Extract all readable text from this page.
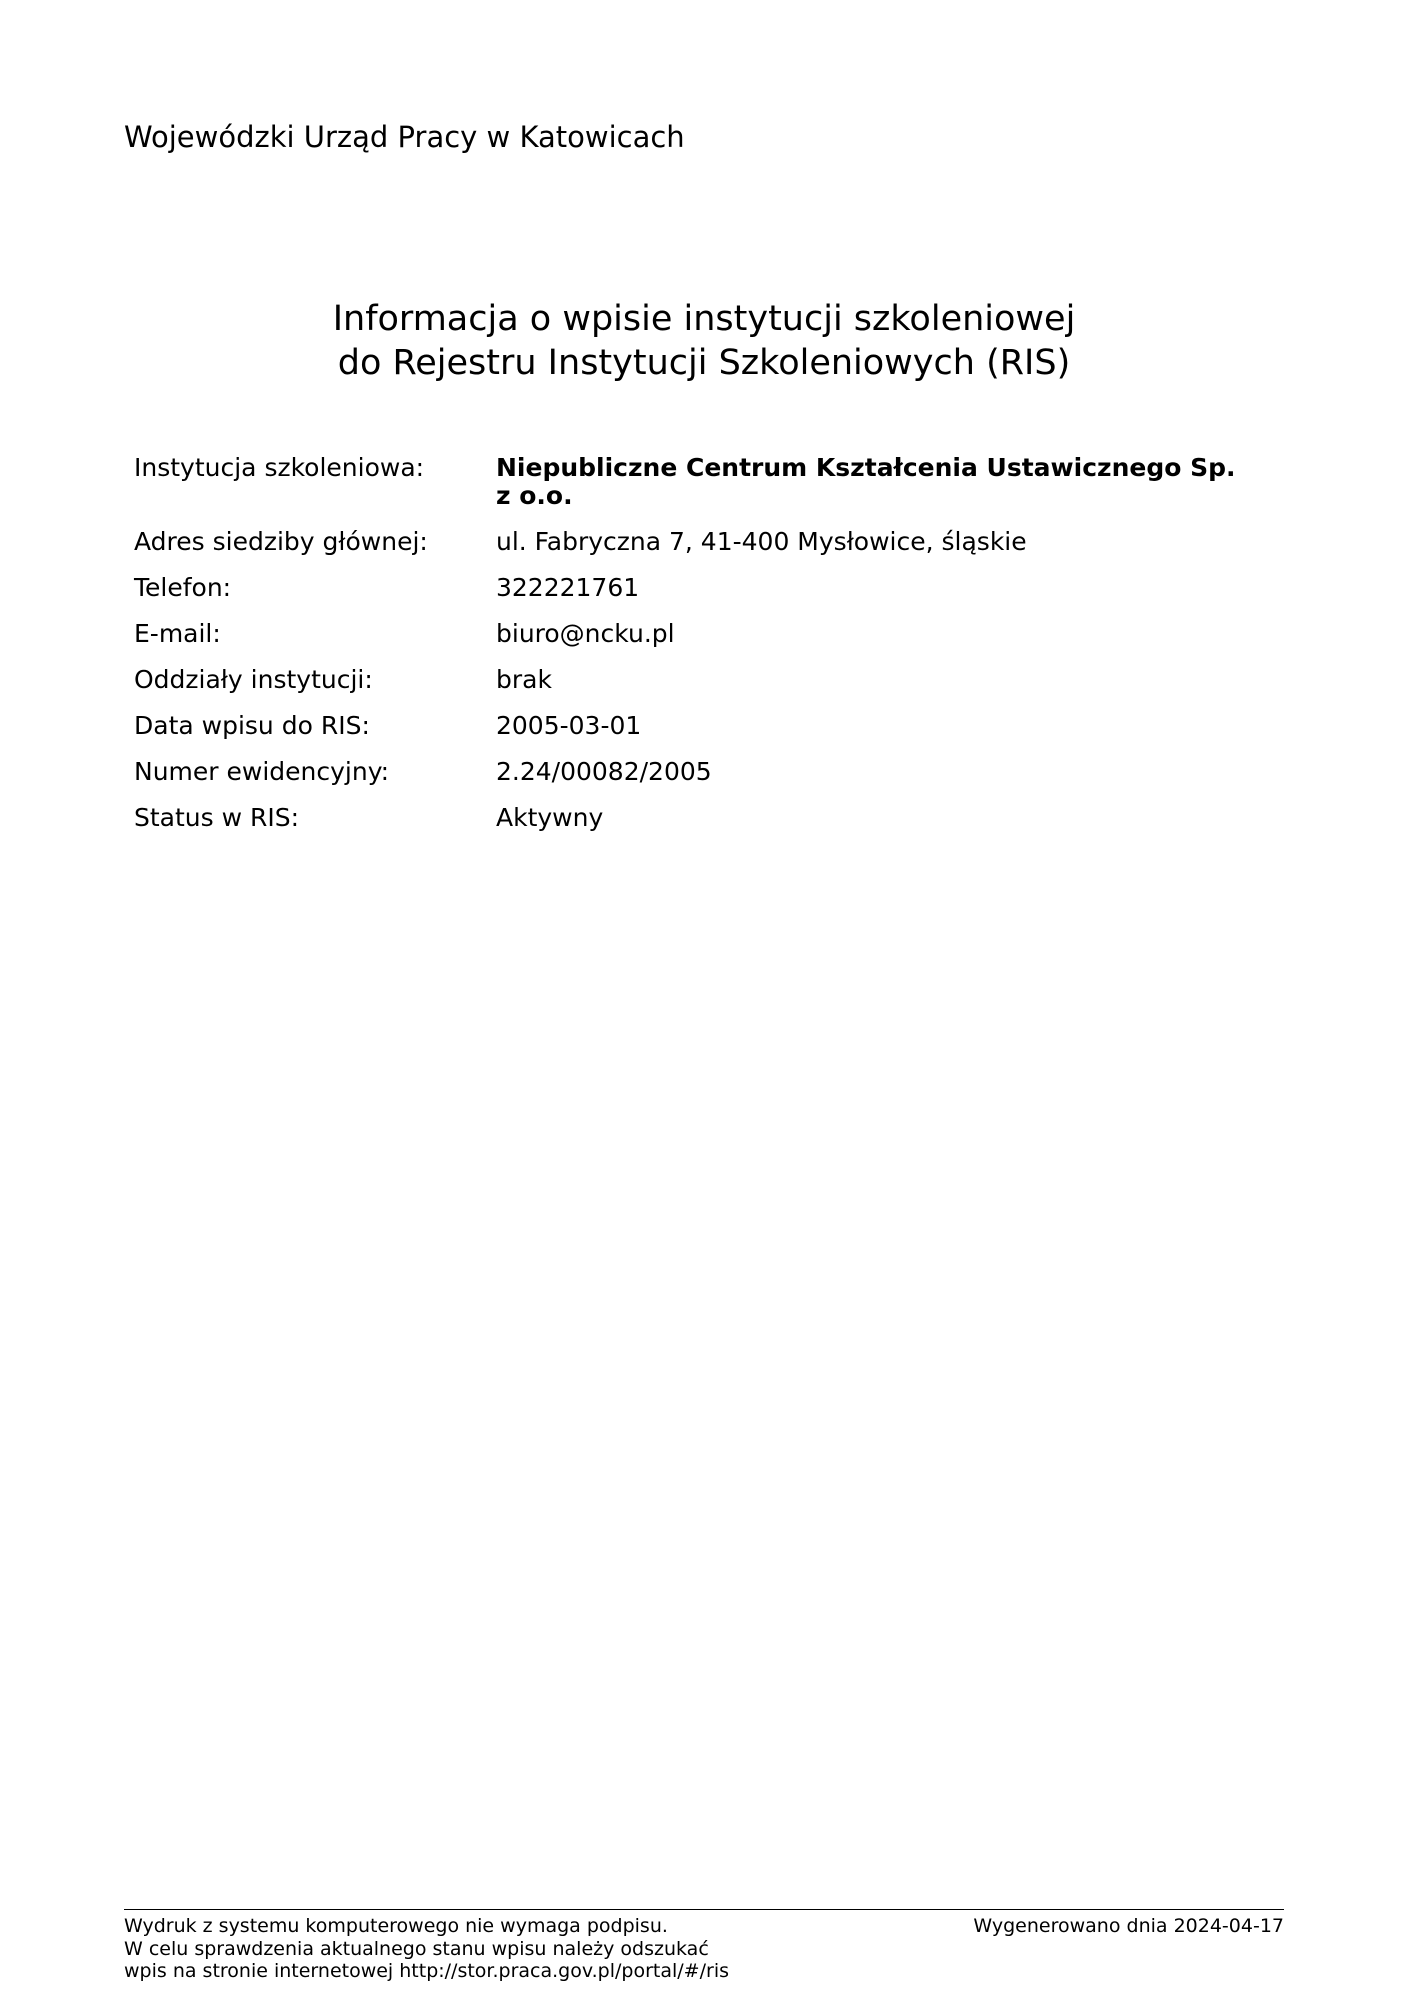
Wojewódzki Urząd Pracy w Katowicach
Informacja o wpisie instytucji szkoleniowej
do Rejestru Instytucji Szkoleniowych (RIS)
Instytucja szkoleniowa:	Niepubliczne Centrum Kształcenia Ustawicznego Sp. z o.o.
Adres siedziby głównej:	ul. Fabryczna 7, 41-400 Mysłowice, śląskie
Telefon:	322221761
E-mail:	biuro@ncku.pl
Oddziały instytucji:	brak
Data wpisu do RIS:	2005-03-01
Numer ewidencyjny:	2.24/00082/2005
Status w RIS:	Aktywny
Wydruk z systemu komputerowego nie wymaga podpisu.
W celu sprawdzenia aktualnego stanu wpisu należy odszukać
wpis na stronie internetowej http://stor.praca.gov.pl/portal/#/ris
Wygenerowano dnia 2024-04-17
